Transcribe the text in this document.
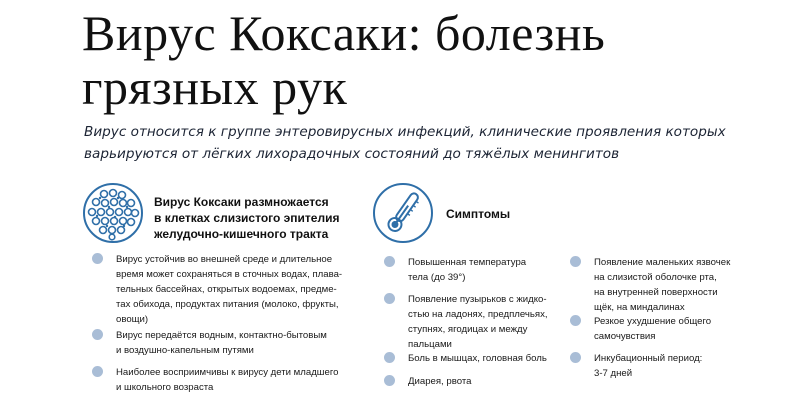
Вирус Коксаки: болезнь
грязных рук
Вирус относится к группе энтеровирусных инфекций, клинические проявления которых
варьируются от лёгких лихорадочных состояний до тяжёлых менингитов
Вирус Коксаки размножается
в клетках слизистого эпителия
желудочно-кишечного тракта
Симптомы
Вирус устойчив во внешней среде и длительное
время может сохраняться в сточных водах, плава-
тельных бассейнах, открытых водоемах, предме-
тах обихода, продуктах питания (молоко, фрукты,
овощи)
Вирус передаётся водным, контактно-бытовым
и воздушно-капельным путями
Наиболее восприимчивы к вирусу дети младшего
и школьного возраста
Повышенная температура
тела (до 39°)
Появление пузырьков с жидко-
стью на ладонях, предплечьях,
ступнях, ягодицах и между
пальцами
Боль в мышцах, головная боль
Диарея, рвота
Появление маленьких язвочек
на слизистой оболочке рта,
на внутренней поверхности
щёк, на миндалинах
Резкое ухудшение общего
самочувствия
Инкубационный период:
3-7 дней
